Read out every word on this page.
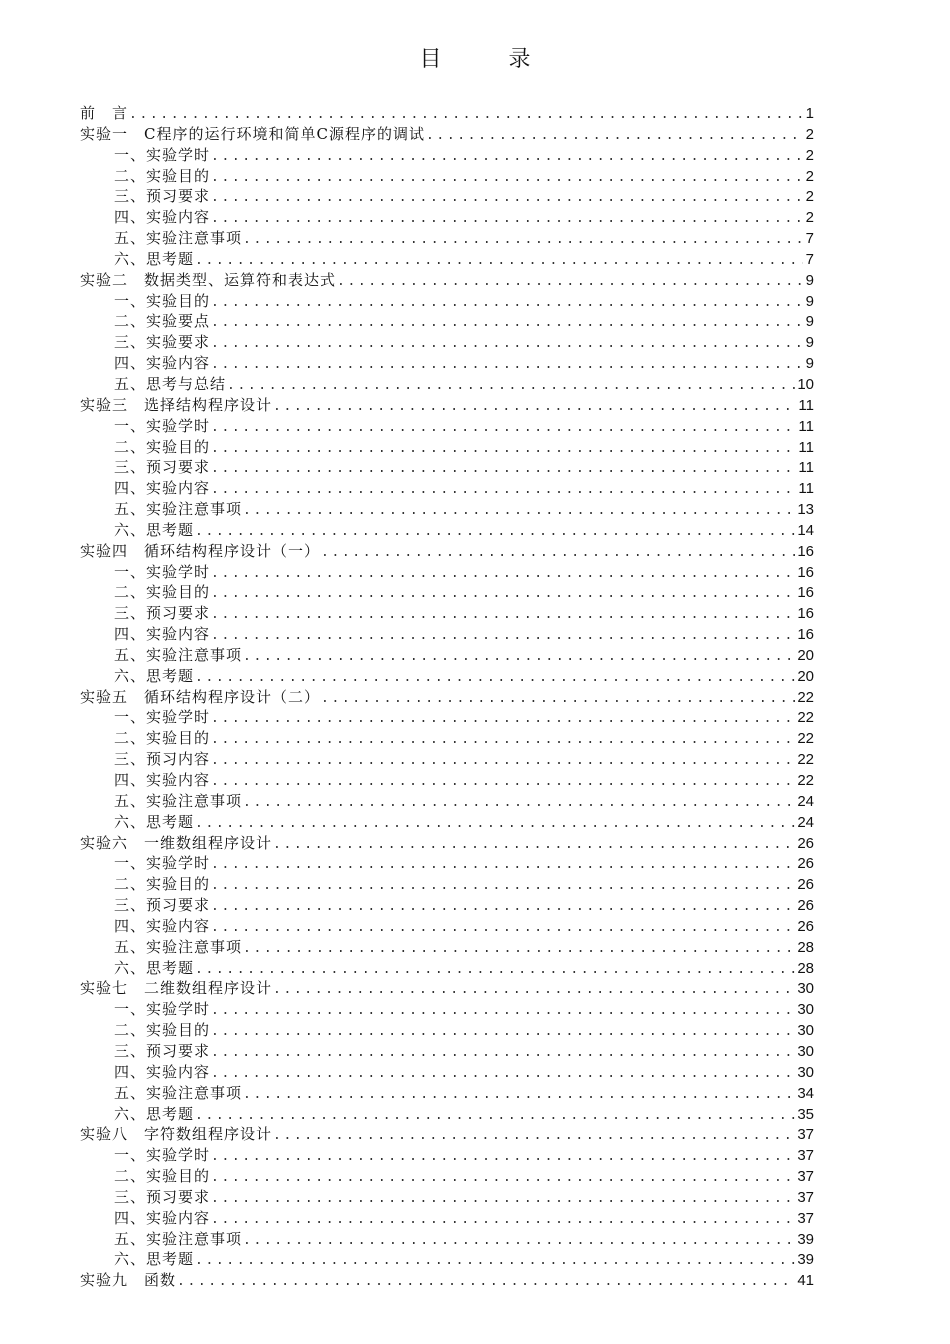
目 录
前　言 .....	1
实验一　C程序的运行环境和简单C源程序的调试 .....	2
一、实验学时 .....	2
二、实验目的 .....	2
三、预习要求 .....	2
四、实验内容 .....	2
五、实验注意事项 .....	7
六、思考题 .....	7
实验二　数据类型、运算符和表达式 .....	9
一、实验目的 .....	9
二、实验要点 .....	9
三、实验要求 .....	9
四、实验内容 .....	9
五、思考与总结 .....	10
实验三　选择结构程序设计 .....	11
一、实验学时 .....	11
二、实验目的 .....	11
三、预习要求 .....	11
四、实验内容 .....	11
五、实验注意事项 .....	13
六、思考题 .....	14
实验四　循环结构程序设计（一） .....	16
一、实验学时 .....	16
二、实验目的 .....	16
三、预习要求 .....	16
四、实验内容 .....	16
五、实验注意事项 .....	20
六、思考题 .....	20
实验五　循环结构程序设计（二） .....	22
一、实验学时 .....	22
二、实验目的 .....	22
三、预习内容 .....	22
四、实验内容 .....	22
五、实验注意事项 .....	24
六、思考题 .....	24
实验六　一维数组程序设计 .....	26
一、实验学时 .....	26
二、实验目的 .....	26
三、预习要求 .....	26
四、实验内容 .....	26
五、实验注意事项 .....	28
六、思考题 .....	28
实验七　二维数组程序设计 .....	30
一、实验学时 .....	30
二、实验目的 .....	30
三、预习要求 .....	30
四、实验内容 .....	30
五、实验注意事项 .....	34
六、思考题 .....	35
实验八　字符数组程序设计 .....	37
一、实验学时 .....	37
二、实验目的 .....	37
三、预习要求 .....	37
四、实验内容 .....	37
五、实验注意事项 .....	39
六、思考题 .....	39
实验九　函数 .....	41
